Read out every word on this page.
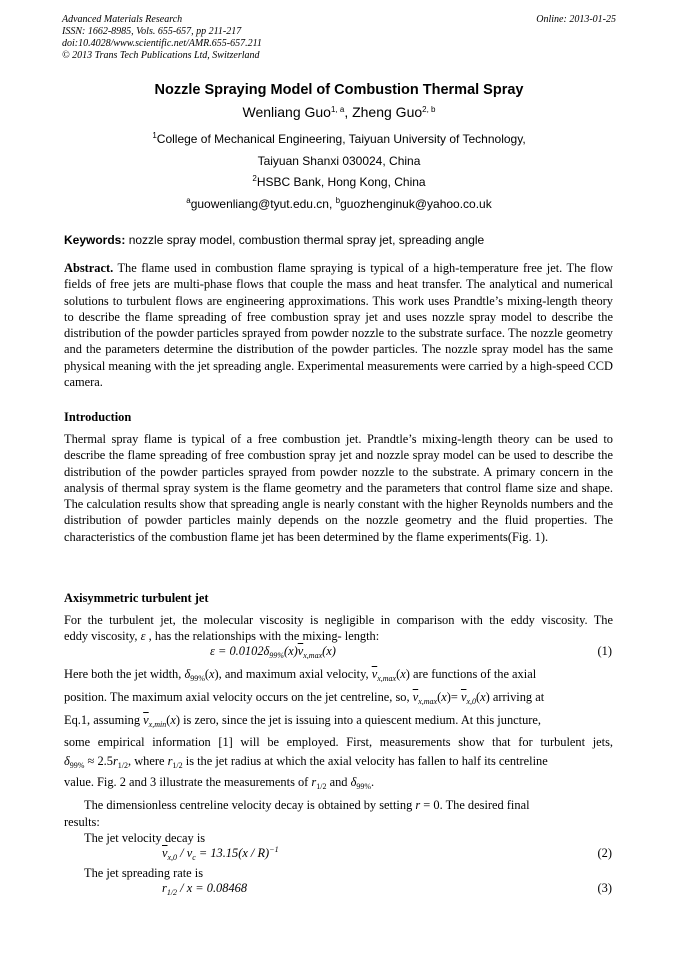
Advanced Materials Research
ISSN: 1662-8985, Vols. 655-657, pp 211-217
doi:10.4028/www.scientific.net/AMR.655-657.211
© 2013 Trans Tech Publications Ltd, Switzerland
Online: 2013-01-25
Nozzle Spraying Model of Combustion Thermal Spray
Wenliang Guo$^{1, a}$, Zheng Guo$^{2, b}$
$^1$College of Mechanical Engineering, Taiyuan University of Technology,
Taiyuan Shanxi 030024, China
$^2$HSBC Bank, Hong Kong, China
$^a$guowenliang@tyut.edu.cn, $^b$guozhenginuk@yahoo.co.uk
Keywords: nozzle spray model, combustion thermal spray jet, spreading angle

Abstract. The flame used in combustion flame spraying is typical of a high-temperature free jet. The flow fields of free jets are multi-phase flows that couple the mass and heat transfer. The analytical and numerical solutions to turbulent flows are engineering approximations. This work uses Prandtle’s mixing-length theory to describe the flame spreading of free combustion spray jet and uses nozzle spray model to describe the distribution of the powder particles sprayed from powder nozzle to the substrate surface. The nozzle geometry and the parameters determine the distribution of the powder particles. The nozzle spray model has the same physical meaning with the jet spreading angle. Experimental measurements were carried by a high-speed CCD camera.

Introduction

Thermal spray flame is typical of a free combustion jet. Prandtle’s mixing-length theory can be used to describe the flame spreading of free combustion spray jet and nozzle spray model can be used to describe the distribution of the powder particles sprayed from powder nozzle to the substrate. A primary concern in the analysis of thermal spray system is the flame geometry and the parameters that control flame size and shape. The calculation results show that spreading angle is nearly constant with the higher Reynolds numbers and the distribution of powder particles mainly depends on the nozzle geometry and the fluid properties. The characteristics of the combustion flame jet has been determined by the flame experiments(Fig. 1).

Axisymmetric turbulent jet
For the turbulent jet, the molecular viscosity is negligible in comparison with the eddy viscosity. The
eddy viscosity, ε , has the relationships with the mixing- length:
$\varepsilon = 0.0102\delta_{99\%}(x)\overline{v}_{x,max}(x)$	(1)
Here both the jet width, $\delta_{99\%}(x)$, and maximum axial velocity, $\overline{v}_{x,max}(x)$ are functions of the axial
position. The maximum axial velocity occurs on the jet centreline, so, $\overline{v}_{x,max}(x)= \overline{v}_{x,0}(x)$ arriving at
Eq.1, assuming $\overline{v}_{x,min}(x)$ is zero, since the jet is issuing into a quiescent medium. At this juncture,
some empirical information [1] will be employed. First, measurements show that for turbulent jets,
$\delta_{99\%} \approx 2.5r_{1/2}$, where $r_{1/2}$ is the jet radius at which the axial velocity has fallen to half its centreline
value. Fig. 2 and 3 illustrate the measurements of $r_{1/2}$ and $\delta_{99\%}$.
The dimensionless centreline velocity decay is obtained by setting r = 0. The desired final
results:
The jet velocity decay is
$\overline{v}_{x,0} / v_c = 13.15(x / R)^{-1}$	(2)
The jet spreading rate is
$r_{1/2} / x = 0.08468$	(3)
